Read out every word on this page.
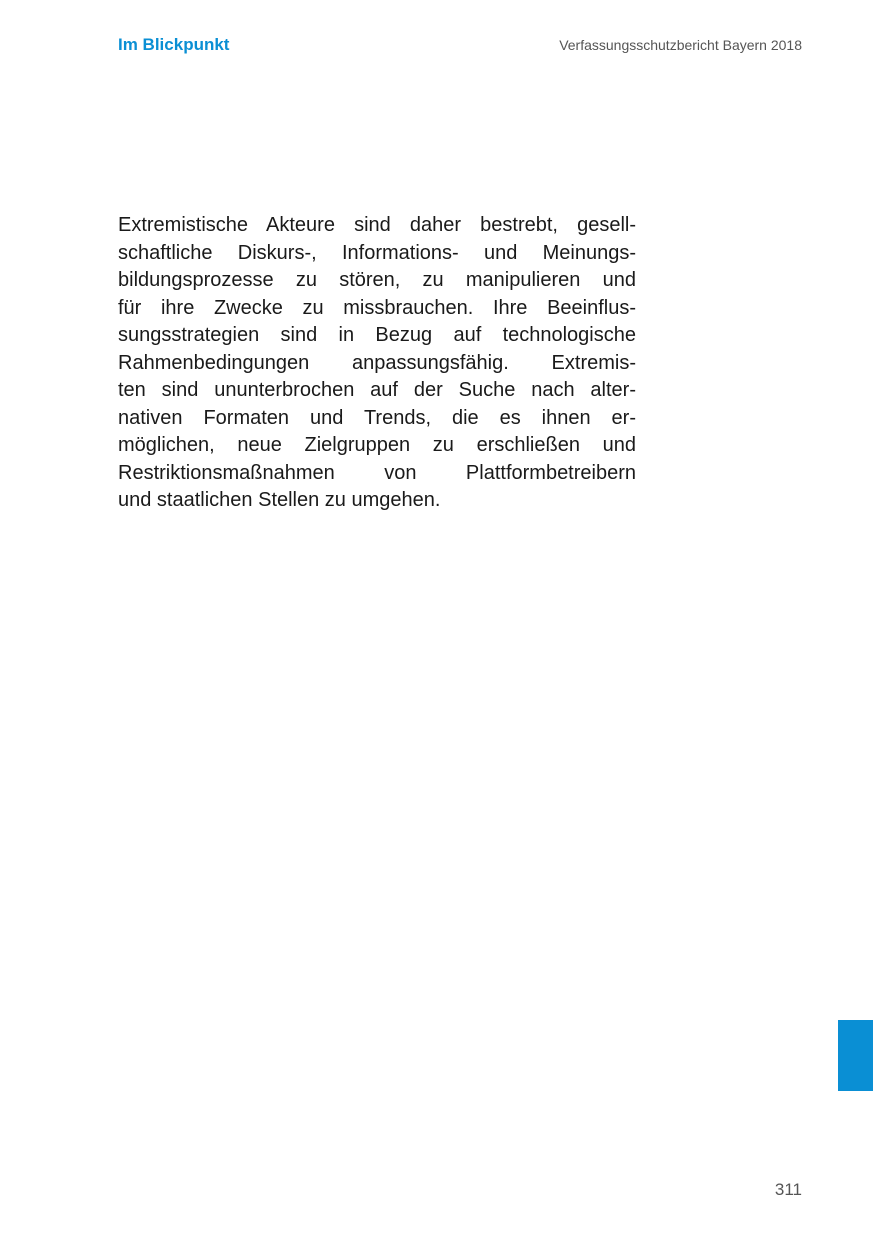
Im Blickpunkt	Verfassungsschutzbericht Bayern 2018

Extremistische Akteure sind daher bestrebt, gesell-
schaftliche Diskurs-, Informations- und Meinungs-
bildungsprozesse zu stören, zu manipulieren und
für ihre Zwecke zu missbrauchen. Ihre Beeinflus-
sungsstrategien sind in Bezug auf technologische
Rahmenbedingungen anpassungsfähig. Extremis-
ten sind ununterbrochen auf der Suche nach alter-
nativen Formaten und Trends, die es ihnen er-
möglichen, neue Zielgruppen zu erschließen und
Restriktionsmaßnahmen von Plattformbetreibern
und staatlichen Stellen zu umgehen.

311
